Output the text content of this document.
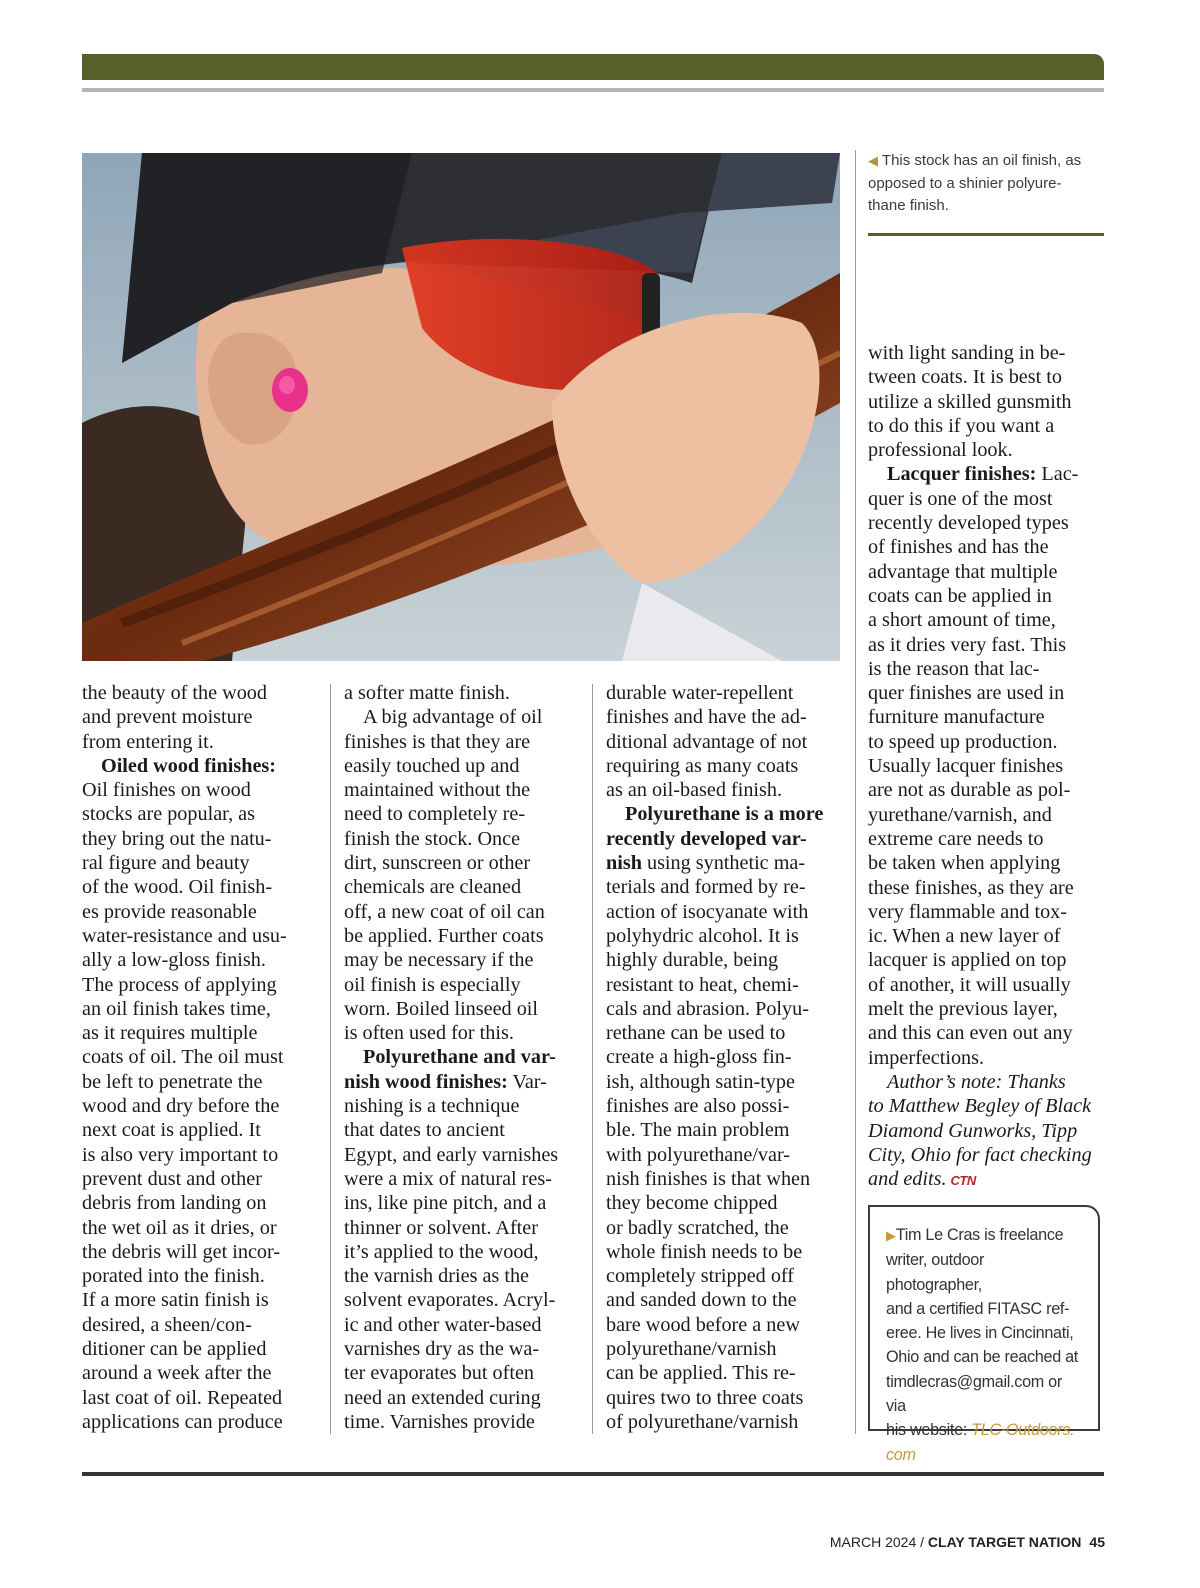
◀ This stock has an oil finish, as
opposed to a shinier polyure-
thane finish.

the beauty of the wood
and prevent moisture
from entering it.

Oiled wood finishes:
Oil finishes on wood
stocks are popular, as
they bring out the natu-
ral figure and beauty
of the wood. Oil finish-
es provide reasonable
water-resistance and usu-
ally a low-gloss finish.
The process of applying
an oil finish takes time,
as it requires multiple
coats of oil. The oil must
be left to penetrate the
wood and dry before the
next coat is applied. It
is also very important to
prevent dust and other
debris from landing on
the wet oil as it dries, or
the debris will get incor-
porated into the finish.
If a more satin finish is
desired, a sheen/con-
ditioner can be applied
around a week after the
last coat of oil. Repeated
applications can produce

a softer matte finish.

A big advantage of oil
finishes is that they are
easily touched up and
maintained without the
need to completely re-
finish the stock. Once
dirt, sunscreen or other
chemicals are cleaned
off, a new coat of oil can
be applied. Further coats
may be necessary if the
oil finish is especially
worn. Boiled linseed oil
is often used for this.

Polyurethane and var-
nish wood finishes: Var-
nishing is a technique
that dates to ancient
Egypt, and early varnishes
were a mix of natural res-
ins, like pine pitch, and a
thinner or solvent. After
it’s applied to the wood,
the varnish dries as the
solvent evaporates. Acryl-
ic and other water-based
varnishes dry as the wa-
ter evaporates but often
need an extended curing
time. Varnishes provide

durable water-repellent
finishes and have the ad-
ditional advantage of not
requiring as many coats
as an oil-based finish.

Polyurethane is a more
recently developed var-
nish using synthetic ma-
terials and formed by re-
action of isocyanate with
polyhydric alcohol. It is
highly durable, being
resistant to heat, chemi-
cals and abrasion. Polyu-
rethane can be used to
create a high-gloss fin-
ish, although satin-type
finishes are also possi-
ble. The main problem
with polyurethane/var-
nish finishes is that when
they become chipped
or badly scratched, the
whole finish needs to be
completely stripped off
and sanded down to the
bare wood before a new
polyurethane/varnish
can be applied. This re-
quires two to three coats
of polyurethane/varnish

with light sanding in be-
tween coats. It is best to
utilize a skilled gunsmith
to do this if you want a
professional look.

Lacquer finishes: Lac-
quer is one of the most
recently developed types
of finishes and has the
advantage that multiple
coats can be applied in
a short amount of time,
as it dries very fast. This
is the reason that lac-
quer finishes are used in
furniture manufacture
to speed up production.
Usually lacquer finishes
are not as durable as pol-
yurethane/varnish, and
extreme care needs to
be taken when applying
these finishes, as they are
very flammable and tox-
ic. When a new layer of
lacquer is applied on top
of another, it will usually
melt the previous layer,
and this can even out any
imperfections.

Author’s note: Thanks
to Matthew Begley of Black
Diamond Gunworks, Tipp
City, Ohio for fact checking
and edits. CTN

▶Tim Le Cras is freelance
writer, outdoor photographer,
and a certified FITASC ref-
eree. He lives in Cincinnati,
Ohio and can be reached at
timdlecras@gmail.com or via
his website: TLC-Outdoors.
com
MARCH 2024 / CLAY TARGET NATION 45
